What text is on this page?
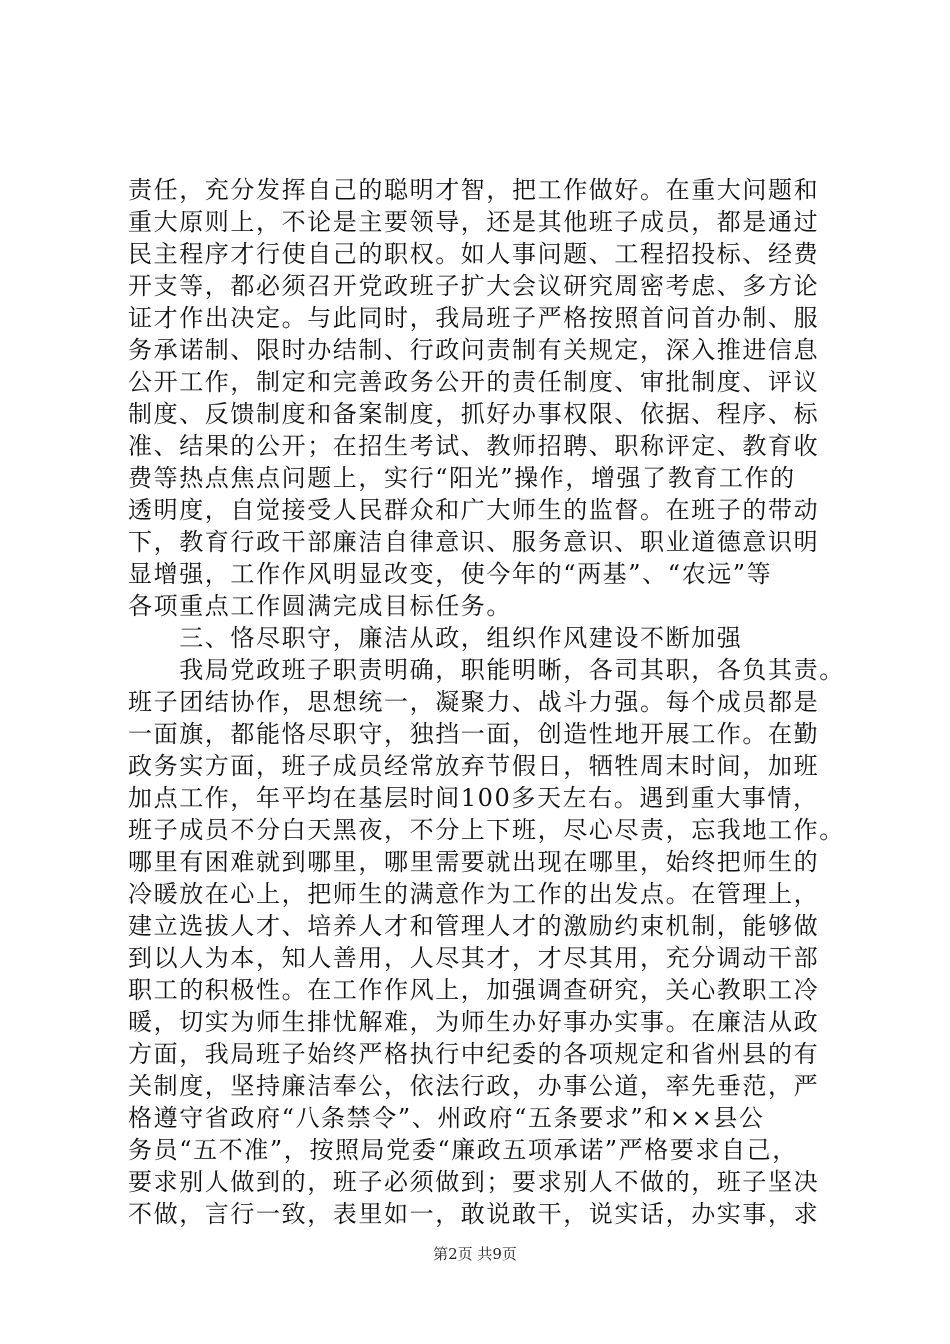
责任，充分发挥自己的聪明才智，把工作做好。在重大问题和
重大原则上，不论是主要领导，还是其他班子成员，都是通过
民主程序才行使自己的职权。如人事问题、工程招投标、经费
开支等，都必须召开党政班子扩大会议研究周密考虑、多方论
证才作出决定。与此同时，我局班子严格按照首问首办制、服
务承诺制、限时办结制、行政问责制有关规定，深入推进信息
公开工作，制定和完善政务公开的责任制度、审批制度、评议
制度、反馈制度和备案制度，抓好办事权限、依据、程序、标
准、结果的公开；在招生考试、教师招聘、职称评定、教育收
费等热点焦点问题上，实行“阳光”操作，增强了教育工作的
透明度，自觉接受人民群众和广大师生的监督。在班子的带动
下，教育行政干部廉洁自律意识、服务意识、职业道德意识明
显增强，工作作风明显改变，使今年的“两基”、“农远”等
各项重点工作圆满完成目标任务。
　　三、恪尽职守，廉洁从政，组织作风建设不断加强
　　我局党政班子职责明确，职能明晰，各司其职，各负其责。
班子团结协作，思想统一，凝聚力、战斗力强。每个成员都是
一面旗，都能恪尽职守，独挡一面，创造性地开展工作。在勤
政务实方面，班子成员经常放弃节假日，牺牲周末时间，加班
加点工作，年平均在基层时间100多天左右。遇到重大事情，
班子成员不分白天黑夜，不分上下班，尽心尽责，忘我地工作。
哪里有困难就到哪里，哪里需要就出现在哪里，始终把师生的
冷暖放在心上，把师生的满意作为工作的出发点。在管理上，
建立选拔人才、培养人才和管理人才的激励约束机制，能够做
到以人为本，知人善用，人尽其才，才尽其用，充分调动干部
职工的积极性。在工作作风上，加强调查研究，关心教职工冷
暖，切实为师生排忧解难，为师生办好事办实事。在廉洁从政
方面，我局班子始终严格执行中纪委的各项规定和省州县的有
关制度，坚持廉洁奉公，依法行政，办事公道，率先垂范，严
格遵守省政府“八条禁令”、州政府“五条要求”和××县公
务员“五不准”，按照局党委“廉政五项承诺”严格要求自己，
要求别人做到的，班子必须做到；要求别人不做的，班子坚决
不做，言行一致，表里如一，敢说敢干，说实话，办实事，求
第2页 共9页
